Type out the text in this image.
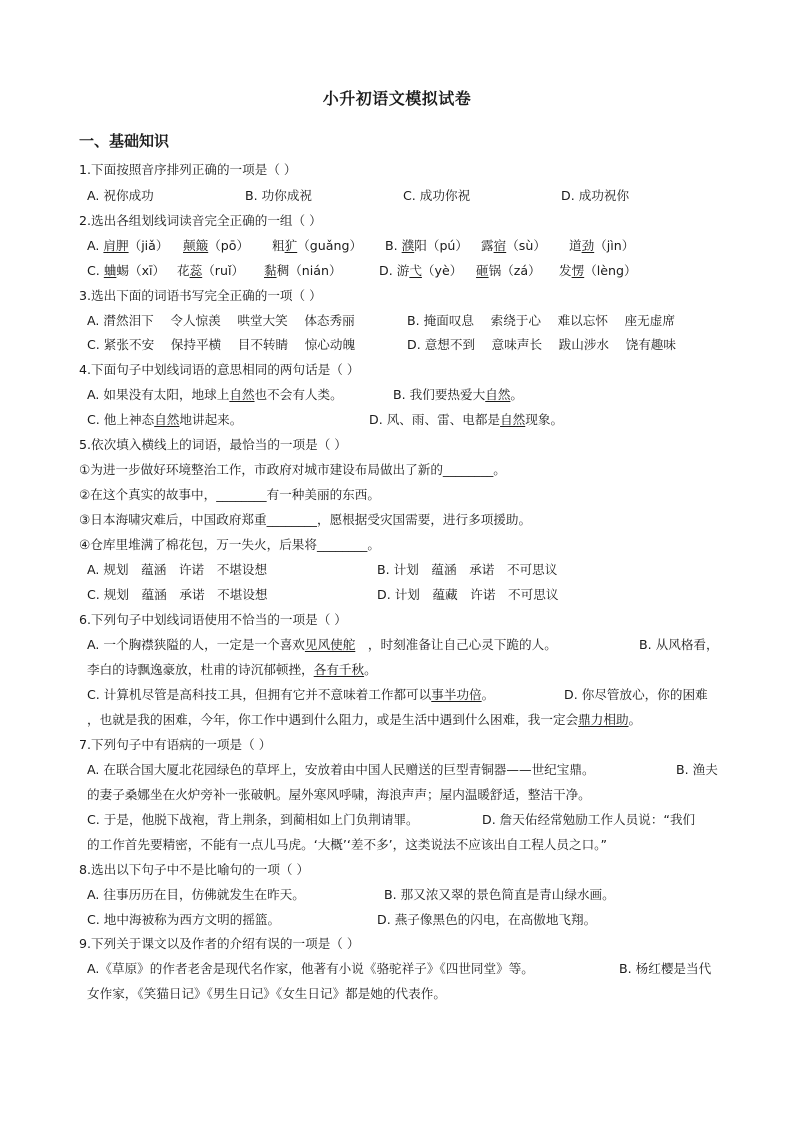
小升初语文模拟试卷
一、基础知识
1.下面按照音序排列正确的一项是（ ）
A. 祝你成功	B. 功你成祝	C. 成功你祝	D. 成功祝你
2.选出各组划线词读音完全正确的一组（ ）
A. 肩胛（jiǎ） 颠簸（pō） 粗犷（guǎng） B. 濮阳（pú） 露宿（sù） 道劲（jìn）
C. 蛐蜴（xī） 花蕊（ruǐ） 黏稠（nián）	D. 游弋（yè） 砸锅（zá） 发愣（lèng）
3.选出下面的词语书写完全正确的一项（ ）
A. 潸然泪下　 令人惊羡　 哄堂大笑　 体态秀丽	B. 掩面叹息　 索绕于心　 难以忘怀　 座无虚席
C. 紧张不安　 保持平横　 目不转睛　 惊心动魄	D. 意想不到　 意味声长　 跋山涉水　 饶有趣味
4.下面句子中划线词语的意思相同的两句话是（ ）
A. 如果没有太阳，地球上自然也不会有人类。	B. 我们要热爱大自然。
C. 他上神态自然地讲起来。	D. 风、雨、雷、电都是自然现象。
5.依次填入横线上的词语，最恰当的一项是（ ）
①为进一步做好环境整治工作，市政府对城市建设布局做出了新的________。
②在这个真实的故事中，________有一种美丽的东西。
③日本海啸灾难后，中国政府郑重________，愿根据受灾国需要，进行多项援助。
④仓库里堆满了棉花包，万一失火，后果将________。
A. 规划　蕴涵　许诺　不堪设想	B. 计划　蕴涵　承诺　不可思议
C. 规划　蕴涵　承诺　不堪设想	D. 计划　蕴藏　许诺　不可思议
6.下列句子中划线词语使用不恰当的一项是（ ）
A. 一个胸襟狭隘的人，一定是一个喜欢见风使舵　，时刻准备让自己心灵下跪的人。	B. 从风格看，
李白的诗飘逸豪放，杜甫的诗沉郁顿挫，各有千秋。
C. 计算机尽管是高科技工具，但拥有它并不意味着工作都可以事半功倍。	D. 你尽管放心，你的困难
，也就是我的困难，今年，你工作中遇到什么阻力，或是生活中遇到什么困难，我一定会鼎力相助。
7.下列句子中有语病的一项是（ ）
A. 在联合国大厦北花园绿色的草坪上，安放着由中国人民赠送的巨型青铜器——世纪宝鼎。	B. 渔夫
的妻子桑娜坐在火炉旁补一张破帆。屋外寒风呼啸，海浪声声；屋内温暖舒适，整洁干净。
C. 于是，他脱下战袍，背上荆条，到蔺相如上门负荆请罪。	D. 詹天佑经常勉励工作人员说：“我们
的工作首先要精密，不能有一点儿马虎。‘大概’‘差不多’，这类说法不应该出自工程人员之口。”
8.选出以下句子中不是比喻句的一项（ ）
A. 往事历历在目，仿佛就发生在昨天。	B. 那又浓又翠的景色简直是青山绿水画。
C. 地中海被称为西方文明的摇篮。	D. 燕子像黑色的闪电，在高傲地飞翔。
9.下列关于课文以及作者的介绍有误的一项是（ ）
A.《草原》的作者老舍是现代名作家，他著有小说《骆驼祥子》《四世同堂》等。	B. 杨红樱是当代
女作家，《笑猫日记》《男生日记》《女生日记》都是她的代表作。
